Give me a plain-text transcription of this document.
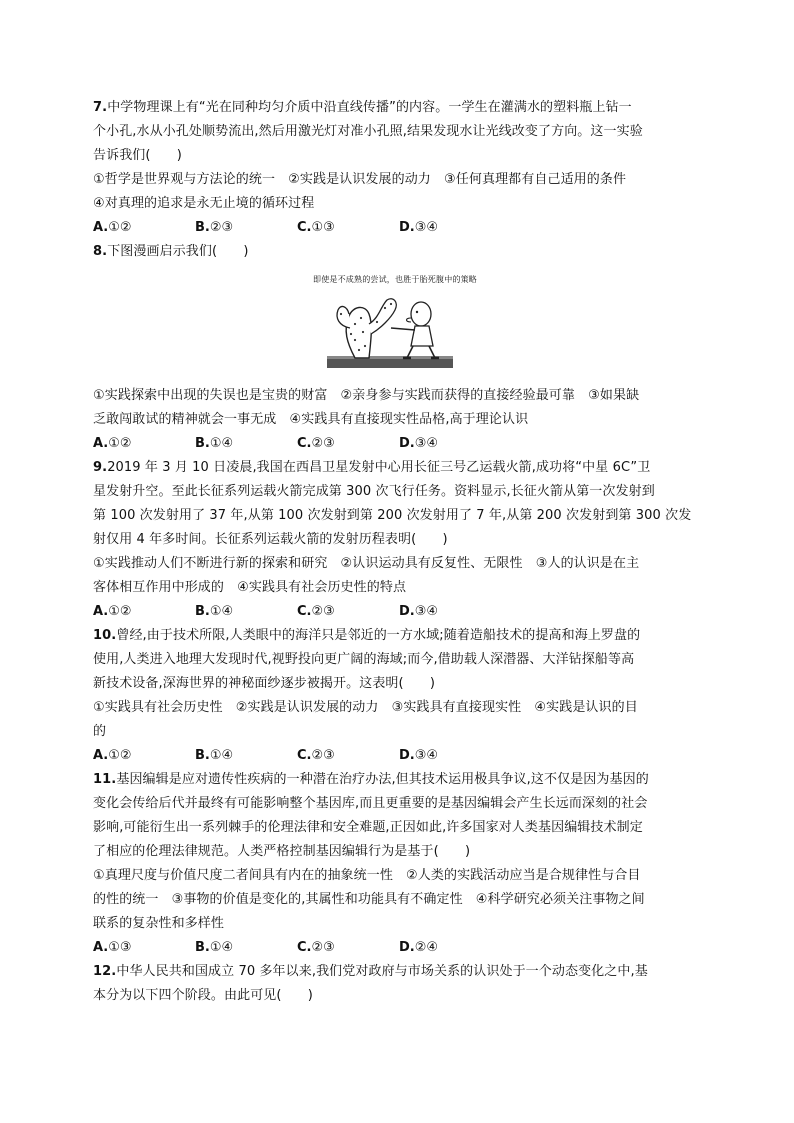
7.中学物理课上有“光在同种均匀介质中沿直线传播”的内容。一学生在灌满水的塑料瓶上钻一
个小孔,水从小孔处顺势流出,然后用激光灯对准小孔照,结果发现水让光线改变了方向。这一实验
告诉我们(　　)
①哲学是世界观与方法论的统一　②实践是认识发展的动力　③任何真理都有自己适用的条件
④对真理的追求是永无止境的循环过程
A.①②	B.②③	C.①③	D.③④
8.下图漫画启示我们(　　)
即使是不成熟的尝试，也胜于胎死腹中的策略
①实践探索中出现的失误也是宝贵的财富　②亲身参与实践而获得的直接经验最可靠　③如果缺
乏敢闯敢试的精神就会一事无成　④实践具有直接现实性品格,高于理论认识
A.①②	B.①④	C.②③	D.③④
9.2019 年 3 月 10 日凌晨,我国在西昌卫星发射中心用长征三号乙运载火箭,成功将“中星 6C”卫
星发射升空。至此长征系列运载火箭完成第 300 次飞行任务。资料显示,长征火箭从第一次发射到
第 100 次发射用了 37 年,从第 100 次发射到第 200 次发射用了 7 年,从第 200 次发射到第 300 次发
射仅用 4 年多时间。长征系列运载火箭的发射历程表明(　　)
①实践推动人们不断进行新的探索和研究　②认识运动具有反复性、无限性　③人的认识是在主
客体相互作用中形成的　④实践具有社会历史性的特点
A.①②	B.①④	C.②③	D.③④
10.曾经,由于技术所限,人类眼中的海洋只是邻近的一方水域;随着造船技术的提高和海上罗盘的
使用,人类进入地理大发现时代,视野投向更广阔的海域;而今,借助载人深潜器、大洋钻探船等高
新技术设备,深海世界的神秘面纱逐步被揭开。这表明(　　)
①实践具有社会历史性　②实践是认识发展的动力　③实践具有直接现实性　④实践是认识的目
的
A.①②	B.①④	C.②③	D.③④
11.基因编辑是应对遗传性疾病的一种潜在治疗办法,但其技术运用极具争议,这不仅是因为基因的
变化会传给后代并最终有可能影响整个基因库,而且更重要的是基因编辑会产生长远而深刻的社会
影响,可能衍生出一系列棘手的伦理法律和安全难题,正因如此,许多国家对人类基因编辑技术制定
了相应的伦理法律规范。人类严格控制基因编辑行为是基于(　　)
①真理尺度与价值尺度二者间具有内在的抽象统一性　②人类的实践活动应当是合规律性与合目
的性的统一　③事物的价值是变化的,其属性和功能具有不确定性　④科学研究必须关注事物之间
联系的复杂性和多样性
A.①③	B.①④	C.②③	D.②④
12.中华人民共和国成立 70 多年以来,我们党对政府与市场关系的认识处于一个动态变化之中,基
本分为以下四个阶段。由此可见(　　)
